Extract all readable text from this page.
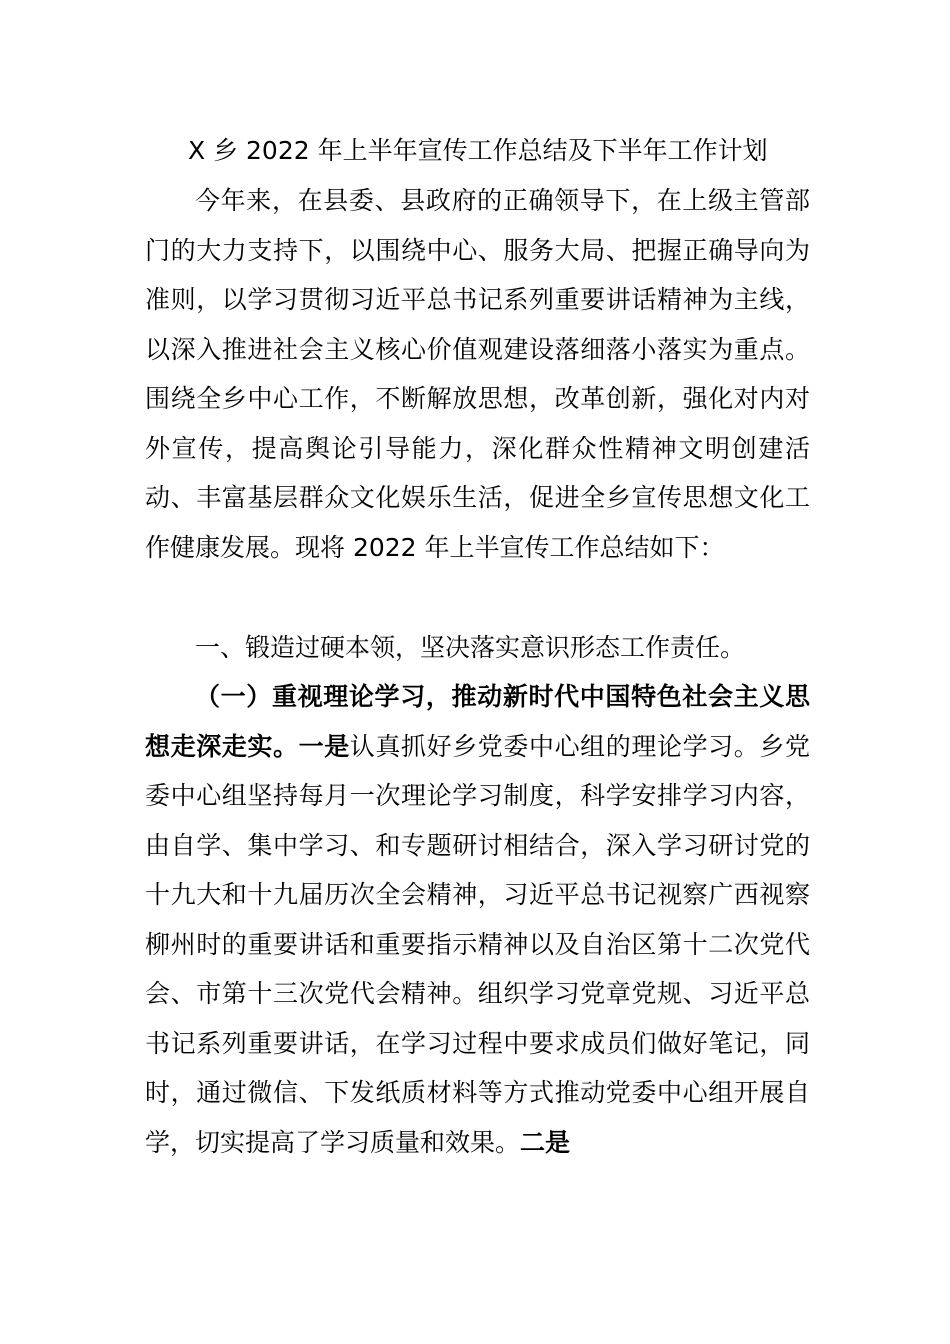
X 乡 2022 年上半年宣传工作总结及下半年工作计划
今年来，在县委、县政府的正确领导下，在上级主管部门的大力支持下，以围绕中心、服务大局、把握正确导向为准则，以学习贯彻习近平总书记系列重要讲话精神为主线，以深入推进社会主义核心价值观建设落细落小落实为重点。围绕全乡中心工作，不断解放思想，改革创新，强化对内对外宣传，提高舆论引导能力，深化群众性精神文明创建活动、丰富基层群众文化娱乐生活，促进全乡宣传思想文化工作健康发展。现将 2022 年上半宣传工作总结如下：
一、锻造过硬本领，坚决落实意识形态工作责任。
（一）重视理论学习，推动新时代中国特色社会主义思想走深走实。一是认真抓好乡党委中心组的理论学习。乡党委中心组坚持每月一次理论学习制度，科学安排学习内容，由自学、集中学习、和专题研讨相结合，深入学习研讨党的十九大和十九届历次全会精神，习近平总书记视察广西视察柳州时的重要讲话和重要指示精神以及自治区第十二次党代会、市第十三次党代会精神。组织学习党章党规、习近平总书记系列重要讲话，在学习过程中要求成员们做好笔记，同时，通过微信、下发纸质材料等方式推动党委中心组开展自学，切实提高了学习质量和效果。二是
